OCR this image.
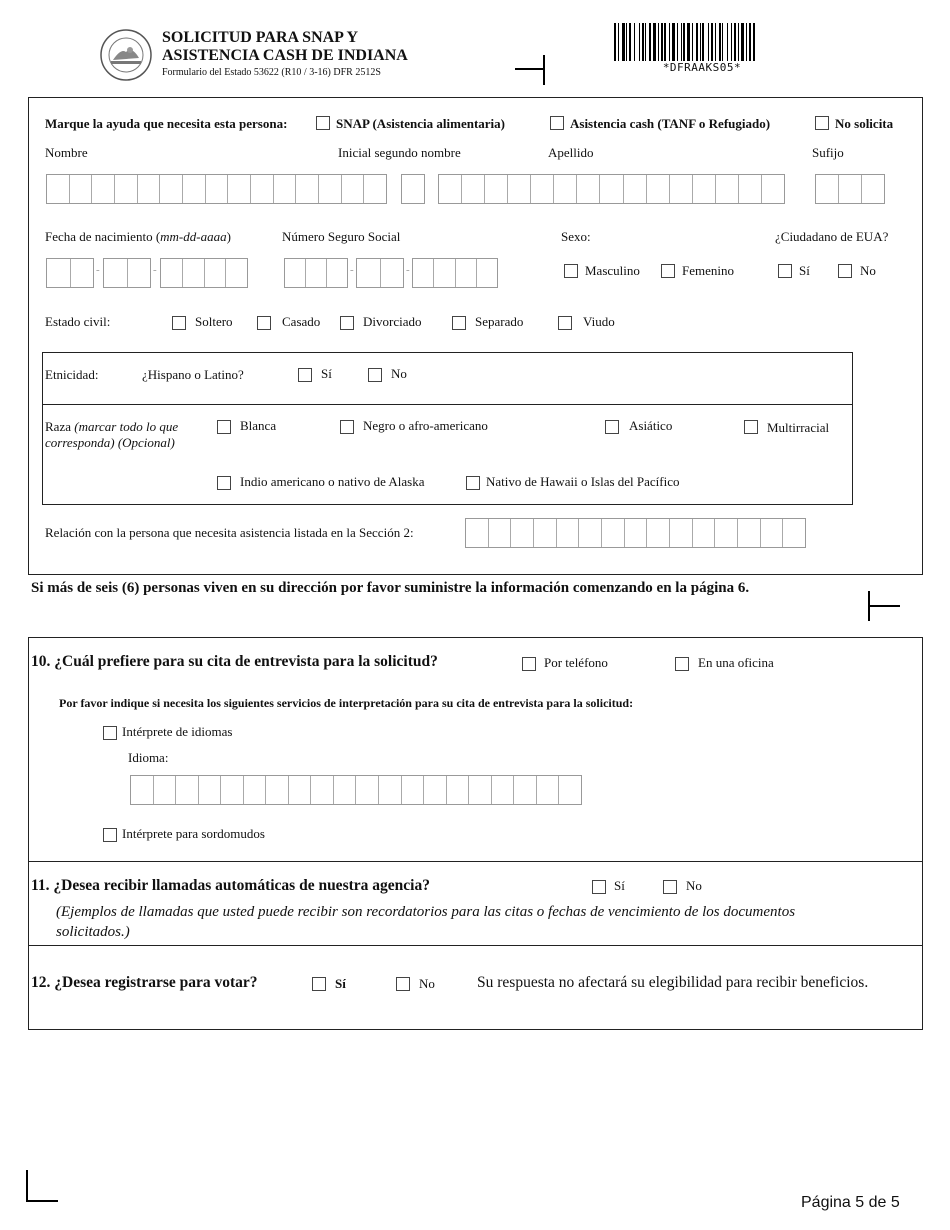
SOLICITUD PARA SNAP Y
ASISTENCIA CASH DE INDIANA
Formulario del Estado 53622 (R10 / 3-16) DFR 2512S	*DFRAAKS05*
Marque la ayuda que necesita esta persona:	SNAP (Asistencia alimentaria)	Asistencia cash (TANF o Refugiado)	No solicita
Nombre	Inicial segundo nombre	Apellido	Sufijo
Fecha de nacimiento (mm-dd-aaaa)	Número Seguro Social	Sexo:	¿Ciudadano de EUA?
-	-	-	-	Masculino	Femenino	Sí	No
Estado civil:	Soltero	Casado	Divorciado	Separado	Viudo
Etnicidad:	¿Hispano o Latino?	Sí	No
Raza (marcar todo lo que
corresponda) (Opcional)
Blanca	Negro o afro-americano	Asiático	Multirracial
Indio americano o nativo de Alaska	Nativo de Hawaii o Islas del Pacífico
Relación con la persona que necesita asistencia listada en la Sección 2:
Si más de seis (6) personas viven en su dirección por favor suministre la información comenzando en la página 6.
10. ¿Cuál prefiere para su cita de entrevista para la solicitud?	Por teléfono	En una oficina
Por favor indique si necesita los siguientes servicios de interpretación para su cita de entrevista para la solicitud:
Intérprete de idiomas
Idioma:
Intérprete para sordomudos
11. ¿Desea recibir llamadas automáticas de nuestra agencia?	Sí	No
(Ejemplos de llamadas que usted puede recibir son recordatorios para las citas o fechas de vencimiento de los documentos
solicitados.)
12. ¿Desea registrarse para votar?	Sí	No	Su respuesta no afectará su elegibilidad para recibir beneficios.
Página 5 de 5
